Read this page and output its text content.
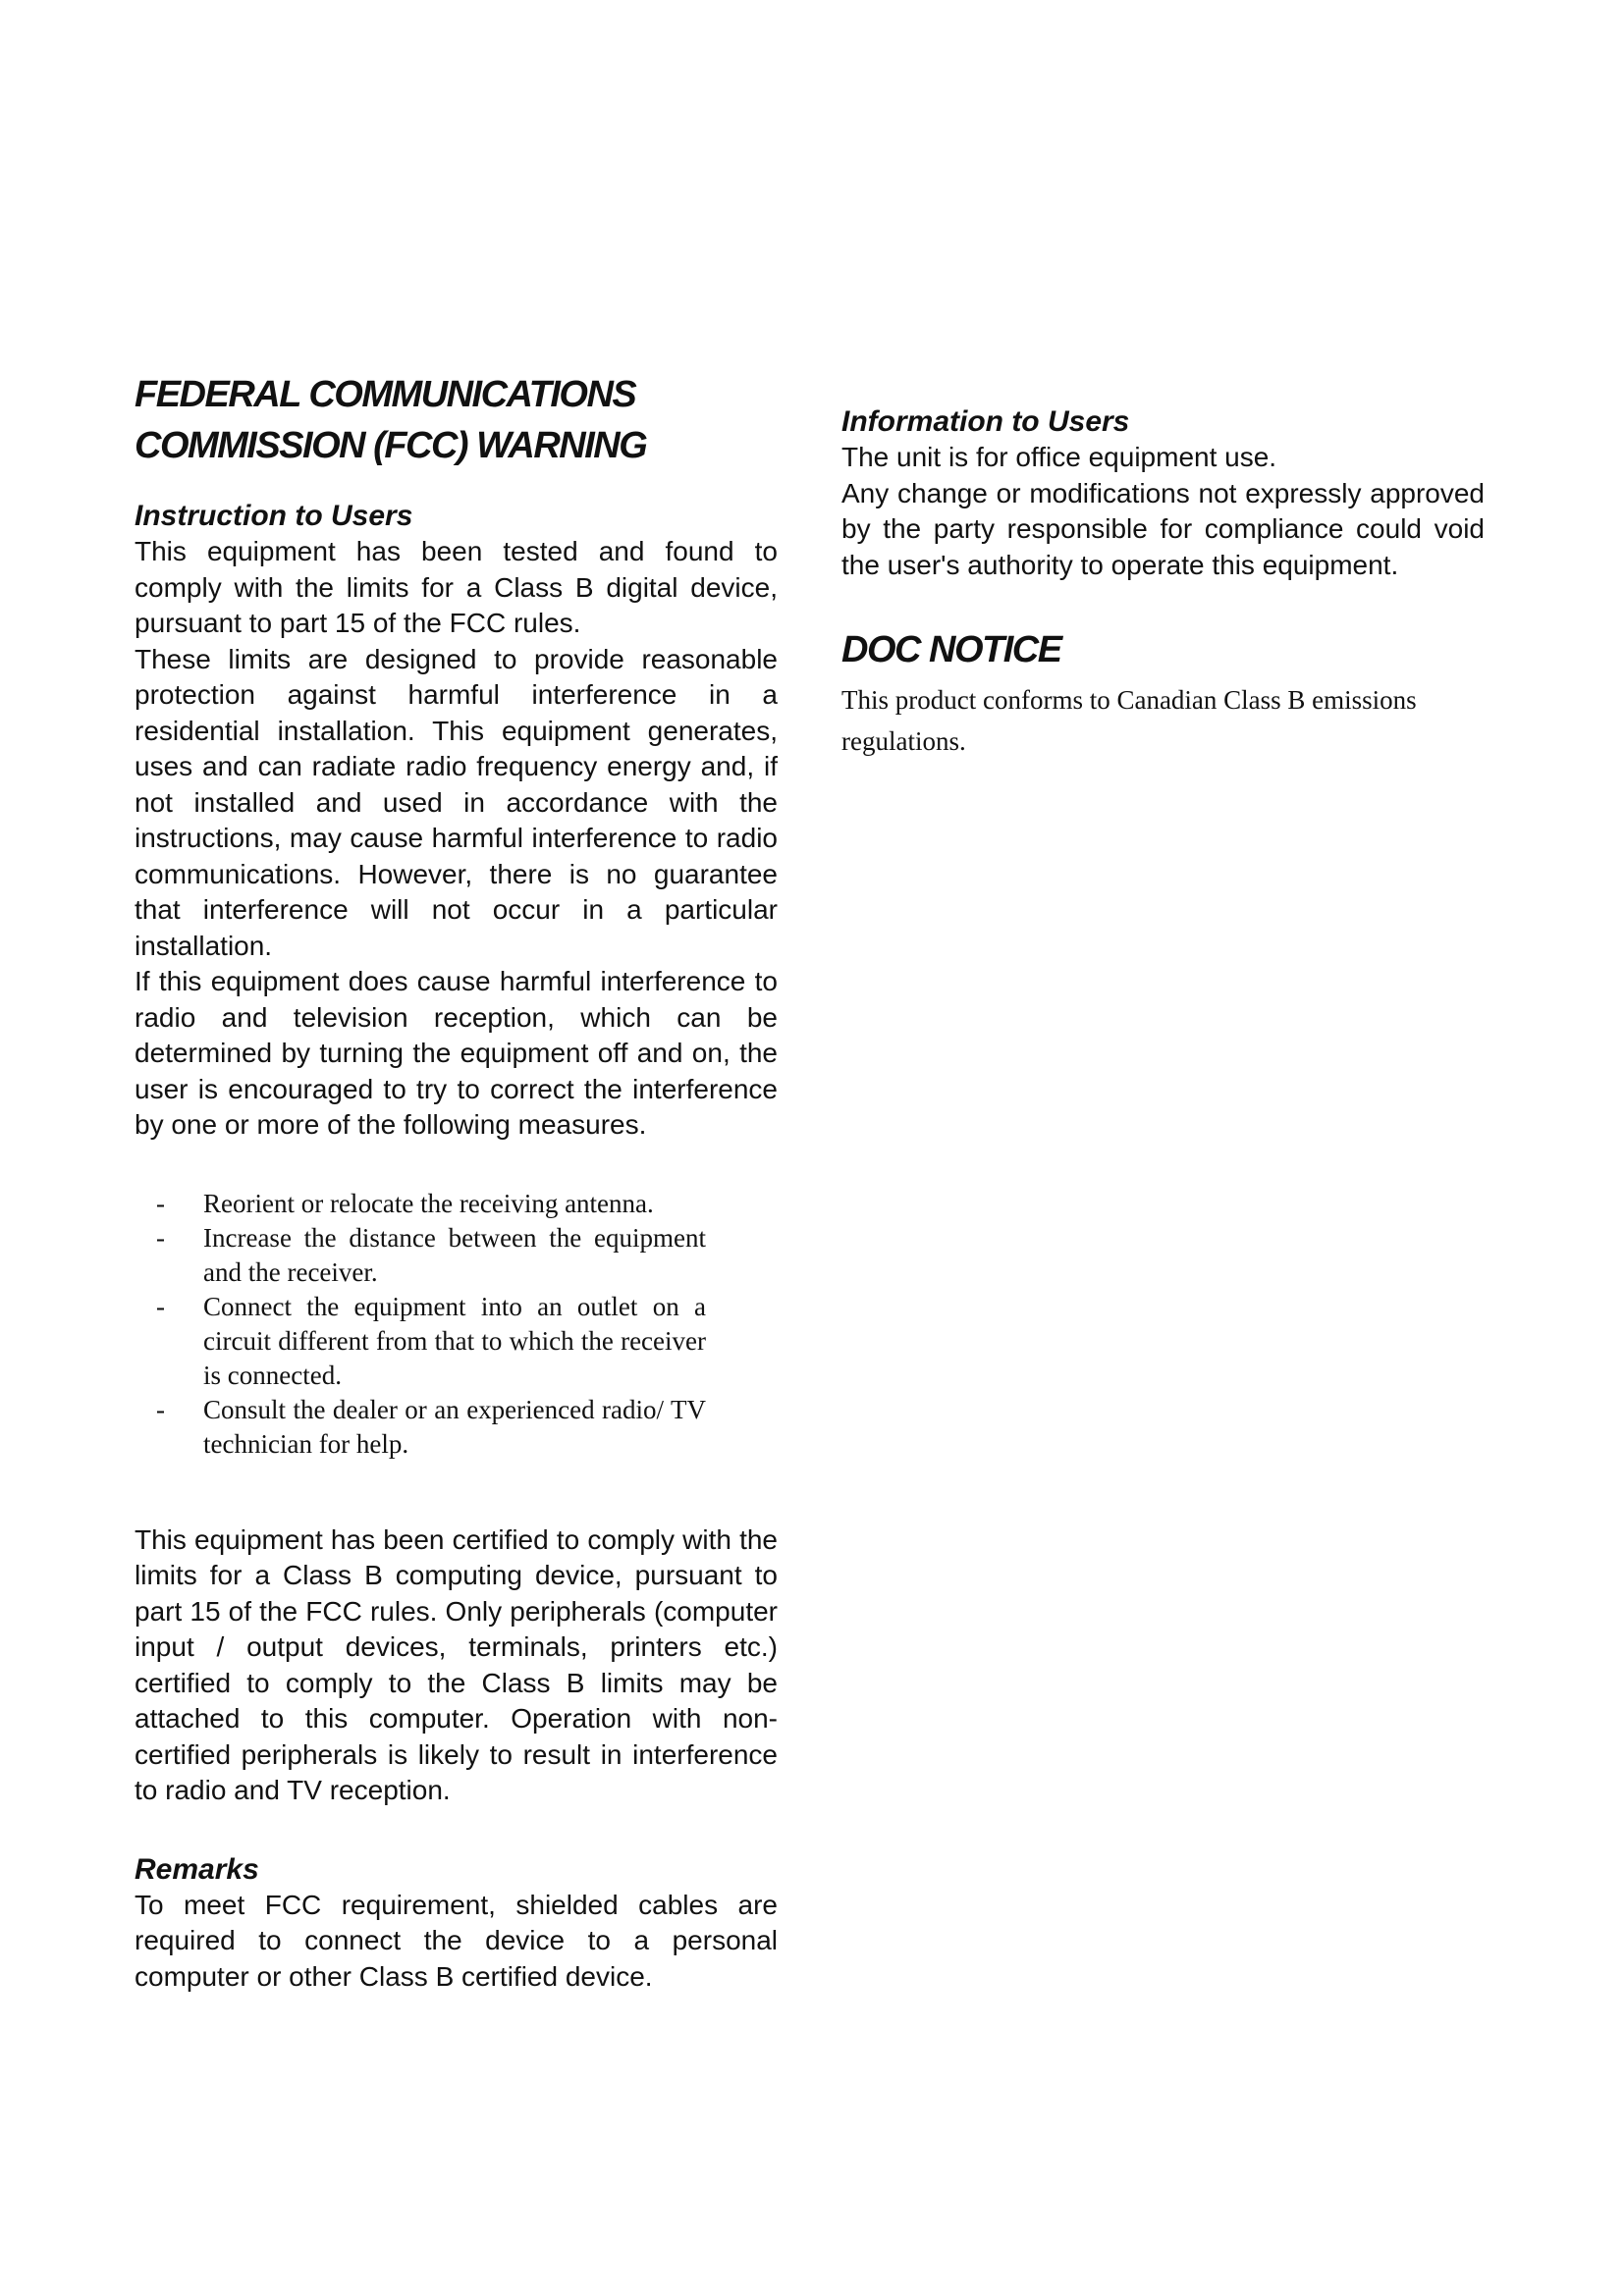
FEDERAL COMMUNICATIONS
COMMISSION (FCC) WARNING
Instruction to Users

This equipment has been tested and found to comply with the limits for a Class B digital device, pursuant to part 15 of the FCC rules.

These limits are designed to provide reasonable protection against harmful interference in a residential installation. This equipment generates, uses and can radiate radio frequency energy and, if not installed and used in accordance with the instructions, may cause harmful interference to radio communications. However, there is no guarantee that interference will not occur in a particular installation.

If this equipment does cause harmful interference to radio and television reception, which can be determined by turning the equipment off and on, the user is encouraged to try to correct the interference by one or more of the following measures.

- Reorient or relocate the receiving antenna.
- Increase the distance between the equipment and the receiver.
- Connect the equipment into an outlet on a circuit different from that to which the receiver is connected.
- Consult the dealer or an experienced radio/ TV technician for help.

This equipment has been certified to comply with the limits for a Class B computing device, pursuant to part 15 of the FCC rules. Only peripherals (computer input / output devices, terminals, printers etc.) certified to comply to the Class B limits may be attached to this computer. Operation with non-certified peripherals is likely to result in interference to radio and TV reception.

Remarks

To meet FCC requirement, shielded cables are required to connect the device to a personal computer or other Class B certified device.

Information to Users

The unit is for office equipment use.

Any change or modifications not expressly approved by the party responsible for compliance could void the user's authority to operate this equipment.

DOC NOTICE

This product conforms to Canadian Class B emissions regulations.
